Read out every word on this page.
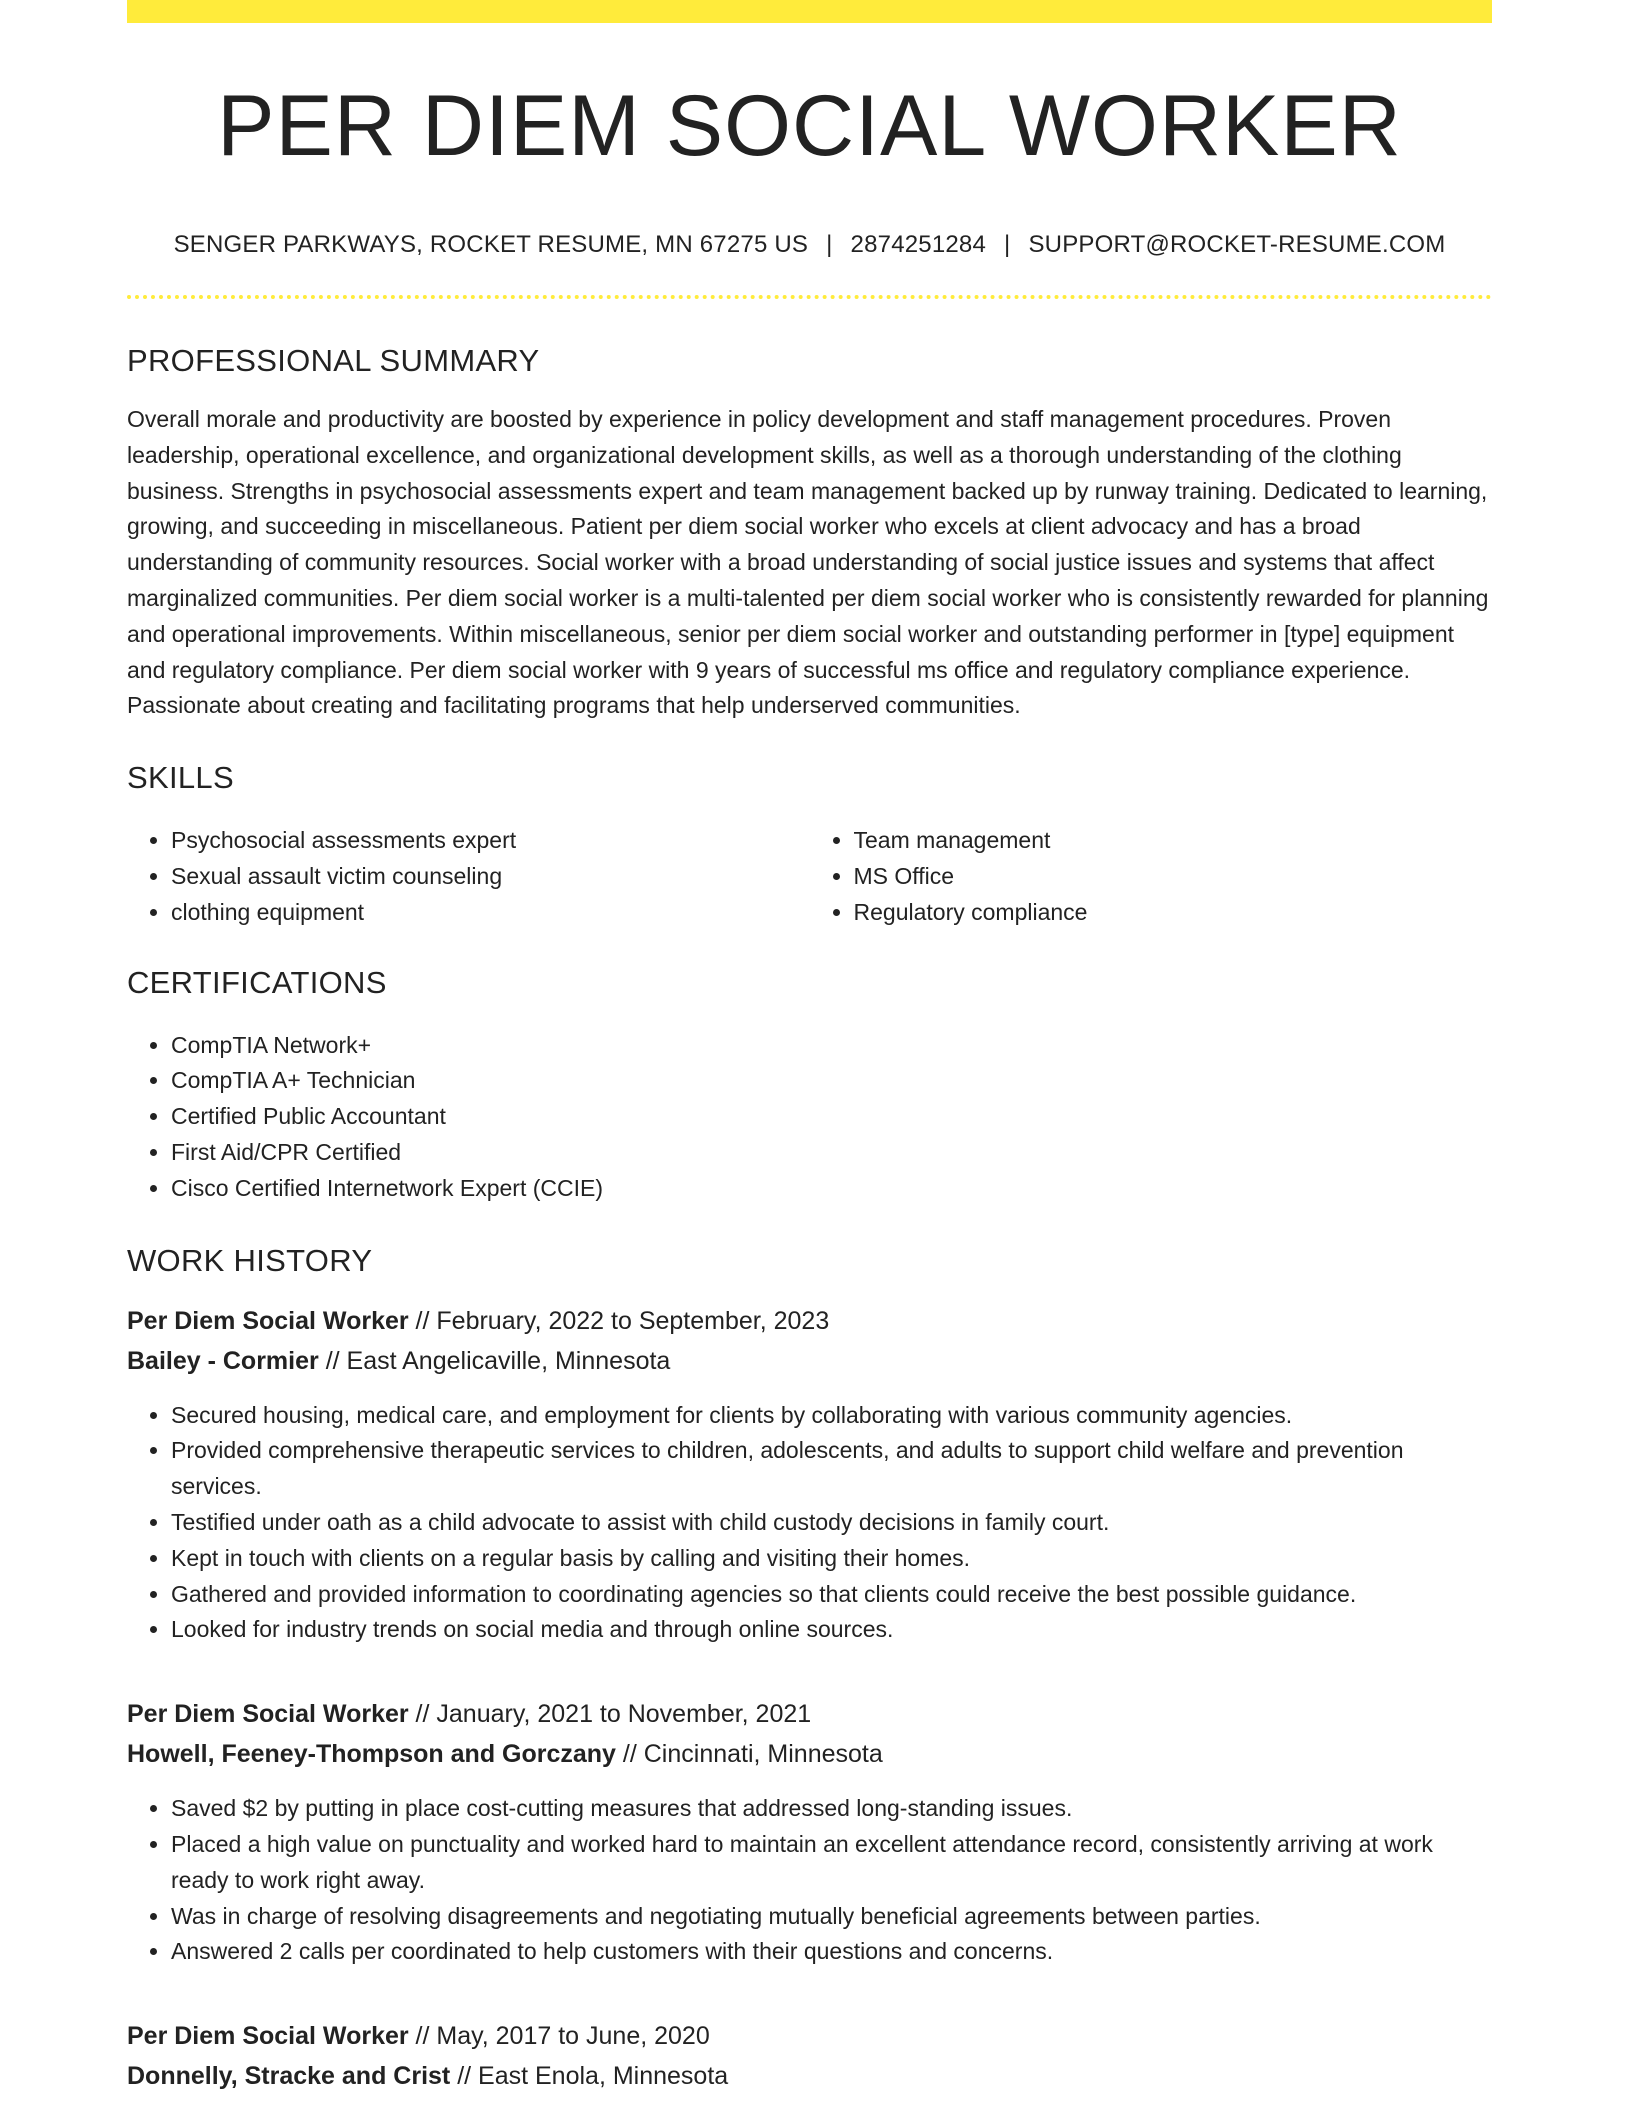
PER DIEM SOCIAL WORKER
SENGER PARKWAYS, ROCKET RESUME, MN 67275 US | 2874251284 | SUPPORT@ROCKET-RESUME.COM
PROFESSIONAL SUMMARY
Overall morale and productivity are boosted by experience in policy development and staff management procedures. Proven leadership, operational excellence, and organizational development skills, as well as a thorough understanding of the clothing business. Strengths in psychosocial assessments expert and team management backed up by runway training. Dedicated to learning, growing, and succeeding in miscellaneous. Patient per diem social worker who excels at client advocacy and has a broad understanding of community resources. Social worker with a broad understanding of social justice issues and systems that affect marginalized communities. Per diem social worker is a multi-talented per diem social worker who is consistently rewarded for planning and operational improvements. Within miscellaneous, senior per diem social worker and outstanding performer in [type] equipment and regulatory compliance. Per diem social worker with 9 years of successful ms office and regulatory compliance experience. Passionate about creating and facilitating programs that help underserved communities.
SKILLS
• Psychosocial assessments expert
• Sexual assault victim counseling
• clothing equipment
• Team management
• MS Office
• Regulatory compliance
CERTIFICATIONS
• CompTIA Network+
• CompTIA A+ Technician
• Certified Public Accountant
• First Aid/CPR Certified
• Cisco Certified Internetwork Expert (CCIE)
WORK HISTORY
Per Diem Social Worker // February, 2022 to September, 2023
Bailey - Cormier // East Angelicaville, Minnesota
• Secured housing, medical care, and employment for clients by collaborating with various community agencies.
• Provided comprehensive therapeutic services to children, adolescents, and adults to support child welfare and prevention services.
• Testified under oath as a child advocate to assist with child custody decisions in family court.
• Kept in touch with clients on a regular basis by calling and visiting their homes.
• Gathered and provided information to coordinating agencies so that clients could receive the best possible guidance.
• Looked for industry trends on social media and through online sources.
Per Diem Social Worker // January, 2021 to November, 2021
Howell, Feeney-Thompson and Gorczany // Cincinnati, Minnesota
• Saved $2 by putting in place cost-cutting measures that addressed long-standing issues.
• Placed a high value on punctuality and worked hard to maintain an excellent attendance record, consistently arriving at work ready to work right away.
• Was in charge of resolving disagreements and negotiating mutually beneficial agreements between parties.
• Answered 2 calls per coordinated to help customers with their questions and concerns.
Per Diem Social Worker // May, 2017 to June, 2020
Donnelly, Stracke and Crist // East Enola, Minnesota
